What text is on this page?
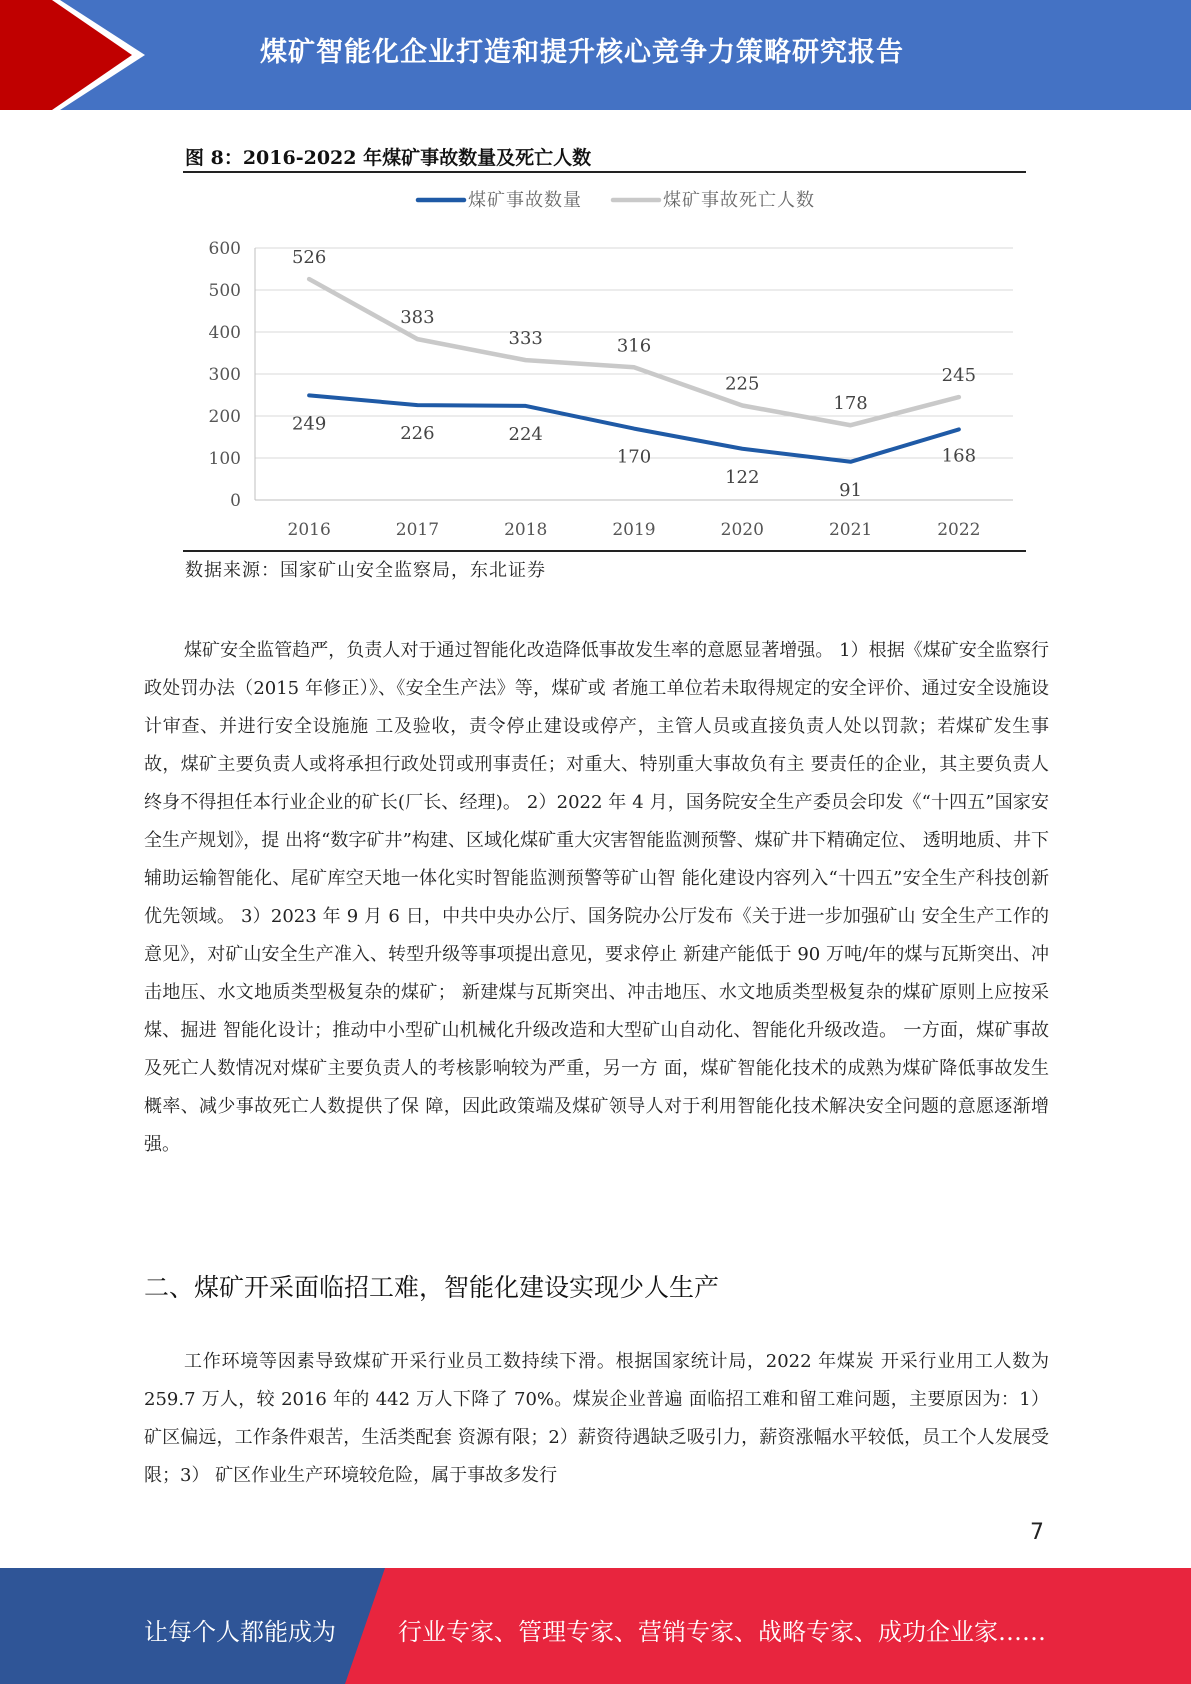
煤矿智能化企业打造和提升核心竞争力策略研究报告
图 8：2016-2022 年煤矿事故数量及死亡人数
0
100
200
300
400
500
600
2016	2017	2018	2019	2020	2021	2022
526
383
333	316
225
178
245
249	226	224
170
122
91
168
煤矿事故数量	煤矿事故死亡人数
数据来源：国家矿山安全监察局，东北证券

煤矿安全监管趋严，负责人对于通过智能化改造降低事故发生率的意愿显著增强。 1）根据《煤矿安全监察行政处罚办法（2015 年修正）》、《安全生产法》等，煤矿或 者施工单位若未取得规定的安全评价、通过安全设施设计审查、并进行安全设施施 工及验收，责令停止建设或停产，主管人员或直接负责人处以罚款；若煤矿发生事 故，煤矿主要负责人或将承担行政处罚或刑事责任；对重大、特别重大事故负有主 要责任的企业，其主要负责人终身不得担任本行业企业的矿长(厂长、经理)。 2）2022 年 4 月，国务院安全生产委员会印发《“十四五”国家安全生产规划》，提 出将“数字矿井”构建、区域化煤矿重大灾害智能监测预警、煤矿井下精确定位、 透明地质、井下辅助运输智能化、尾矿库空天地一体化实时智能监测预警等矿山智 能化建设内容列入“十四五”安全生产科技创新优先领域。 3）2023 年 9 月 6 日，中共中央办公厅、国务院办公厅发布《关于进一步加强矿山 安全生产工作的意见》，对矿山安全生产准入、转型升级等事项提出意见，要求停止 新建产能低于 90 万吨/年的煤与瓦斯突出、冲击地压、水文地质类型极复杂的煤矿； 新建煤与瓦斯突出、冲击地压、水文地质类型极复杂的煤矿原则上应按采煤、掘进 智能化设计；推动中小型矿山机械化升级改造和大型矿山自动化、智能化升级改造。 一方面，煤矿事故及死亡人数情况对煤矿主要负责人的考核影响较为严重，另一方 面，煤矿智能化技术的成熟为煤矿降低事故发生概率、减少事故死亡人数提供了保 障，因此政策端及煤矿领导人对于利用智能化技术解决安全问题的意愿逐渐增强。

二、煤矿开采面临招工难，智能化建设实现少人生产

工作环境等因素导致煤矿开采行业员工数持续下滑。根据国家统计局，2022 年煤炭 开采行业用工人数为 259.7 万人，较 2016 年的 442 万人下降了 70%。煤炭企业普遍 面临招工难和留工难问题，主要原因为：1）矿区偏远，工作条件艰苦，生活类配套 资源有限；2）薪资待遇缺乏吸引力，薪资涨幅水平较低，员工个人发展受限；3） 矿区作业生产环境较危险，属于事故多发行

7
让每个人都能成为	行业专家、管理专家、营销专家、战略专家、成功企业家……
